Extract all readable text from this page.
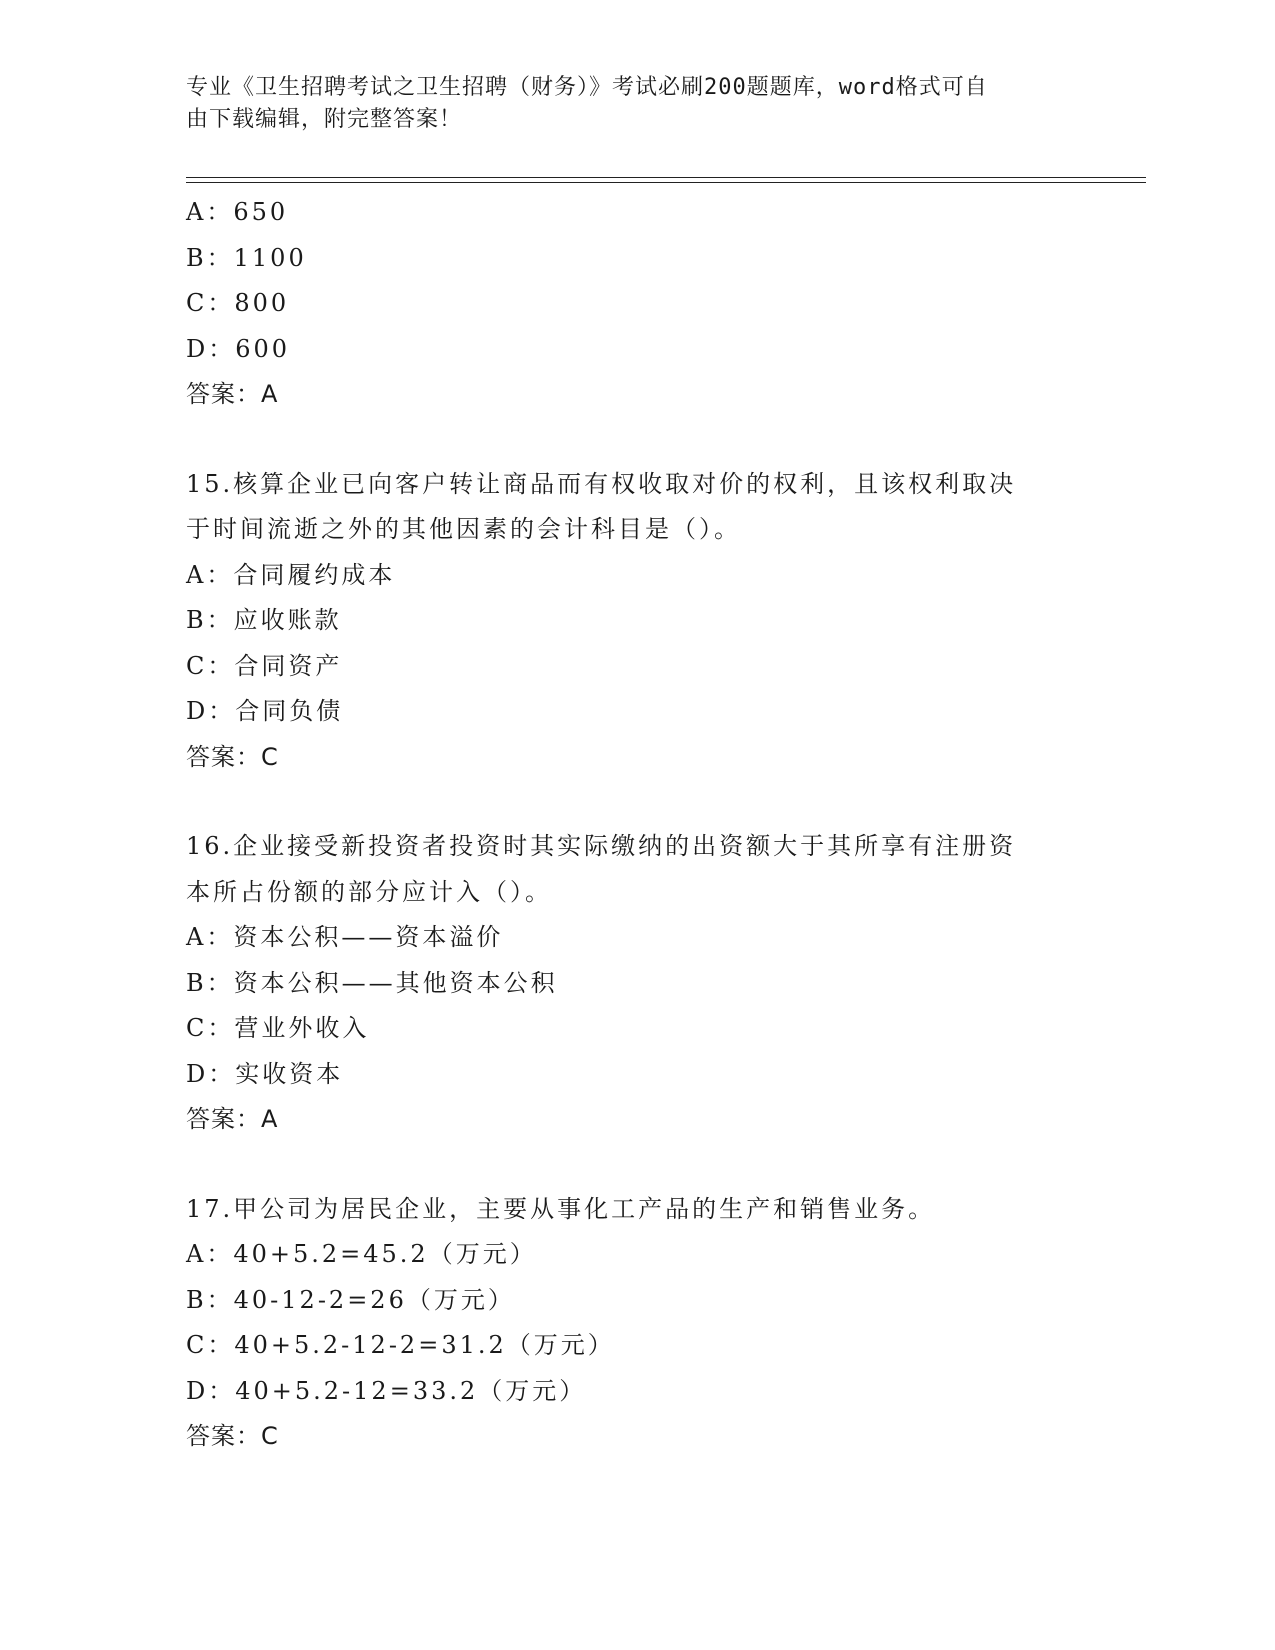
专业《卫生招聘考试之卫生招聘（财务）》考试必刷200题题库，word格式可自
由下载编辑，附完整答案！
A：650
B：1100
C：800
D：600
答案：A
15.核算企业已向客户转让商品而有权收取对价的权利，且该权利取决
于时间流逝之外的其他因素的会计科目是（）。
A：合同履约成本
B：应收账款
C：合同资产
D：合同负债
答案：C
16.企业接受新投资者投资时其实际缴纳的出资额大于其所享有注册资
本所占份额的部分应计入（）。
A：资本公积——资本溢价
B：资本公积——其他资本公积
C：营业外收入
D：实收资本
答案：A
17.甲公司为居民企业，主要从事化工产品的生产和销售业务。
A：40+5.2=45.2（万元）
B：40-12-2=26（万元）
C：40+5.2-12-2=31.2（万元）
D：40+5.2-12=33.2（万元）
答案：C
